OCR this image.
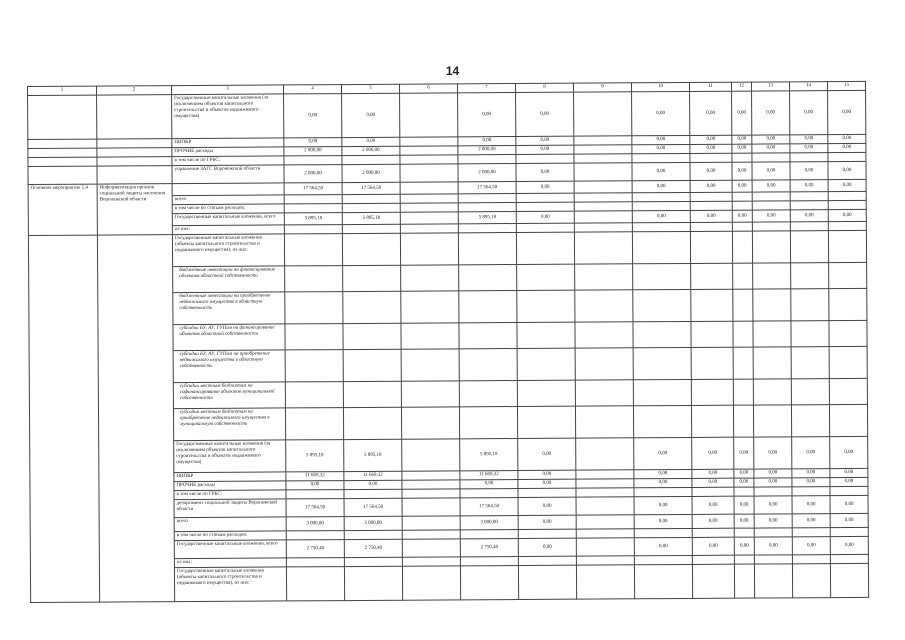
14
1	2	3	4	5	6	7	8	9	10	11	12	13	14	15
		Государственные капитальные вложения (за исключением объектов капитального строительства и объектов недвижимого имущества)	0,00	0,00		0,00	0,00		0,00	0,00	0,00	0,00	0,00	0,00
		НИОКР	0,00	0,00		0,00	0,00		0,00	0,00	0,00	0,00	0,00	0,00
		ПРОЧИЕ расходы	2 000,00	2 000,00		2 000,00	0,00		0,00	0,00	0,00	0,00	0,00	0,00
		в том числе по ГРБС:												
		управление ЗАГС Воронежской области	2 000,00	2 000,00		2 000,00	0,00		0,00	0,00	0,00	0,00	0,00	0,00
Основное мероприятие 1.4	Информатизация органов социальной защиты населения Воронежской области		17 564,50	17 564,50		17 564,50	0,00		0,00	0,00	0,00	0,00	0,00	0,00
		всего												
		в том числе по статьям расходов:												
		Государственные капитальные вложения, всего	5 895,18	5 895,18		5 895,18	0,00		0,00	0,00	0,00	0,00	0,00	0,00
		из них:												
		Государственные капитальные вложения (объекты капитального строительства и недвижимого имущества), из них:												
		бюджетные инвестиции на финансирование объектов областной собственности												
		бюджетные инвестиции на приобретение недвижимого имущества в областную собственность												
		субсидии БУ, АУ, ГУПам на финансирование объектов областной собственности												
		субсидии БУ, АУ, ГУПам на приобретение недвижимого имущества в областную собственность												
		субсидии местным бюджетам на софинансирование объектов муниципальной собственности												
		субсидии местным бюджетам на приобретение недвижимого имущества в муниципальную собственность												
		Государственные капитальные вложения (за исключением объектов капитального строительства и объектов недвижимого имущества)	5 895,18	5 895,18		5 895,18	0,00		0,00	0,00	0,00	0,00	0,00	0,00
		НИОКР	11 669,32	11 669,32		11 669,32	0,00		0,00	0,00	0,00	0,00	0,00	0,00
		ПРОЧИЕ расходы	0,00	0,00		0,00	0,00		0,00	0,00	0,00	0,00	0,00	0,00
		в том числе по ГРБС:												
		департамент социальной защиты Воронежской области	17 564,50	17 564,50		17 564,50	0,00		0,00	0,00	0,00	0,00	0,00	0,00
		всего	3 000,00	3 000,00		3 000,00	0,00		0,00	0,00	0,00	0,00	0,00	0,00
		в том числе по статьям расходов:												
		Государственные капитальные вложения, всего	2 750,40	2 750,40		2 750,40	0,00		0,00	0,00	0,00	0,00	0,00	0,00
		из них:												
		Государственные капитальные вложения (объекты капитального строительства и недвижимого имущества), из них:												
